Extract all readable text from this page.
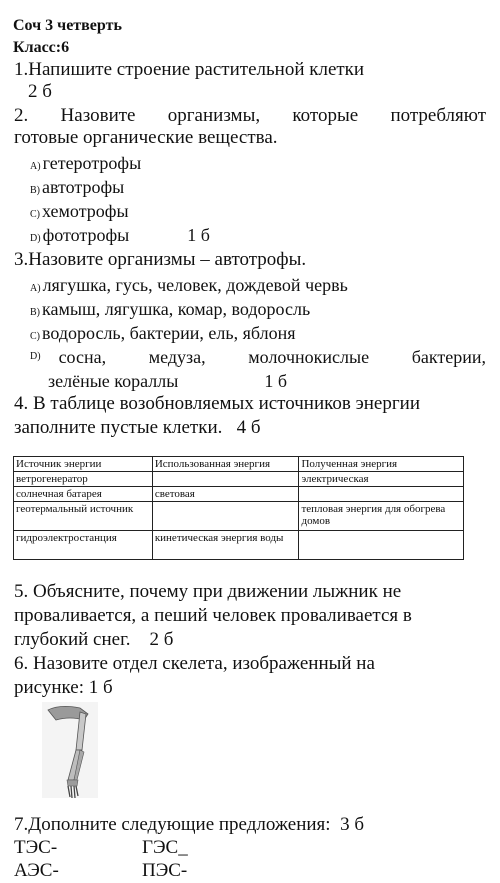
Соч 3 четверть
Класс:6
1.Напишите строение растительной клетки
2 б
2. Назовите организмы, которые потребляют
готовые органические вещества.
A) гетеротрофы
B) автотрофы
C) хемотрофы
D) фототрофы	1 б
3.Назовите организмы – автотрофы.
A) лягушка, гусь, человек, дождевой червь
B) камыш, лягушка, комар, водоросль
C) водоросль, бактерии, ель, яблоня
D) сосна, медуза, молочнокислые бактерии,
зелёные кораллы	1 б
4. В таблице возобновляемых источников энергии
заполните пустые клетки. 4 б
Источник энергии	Использованная энергия	Полученная энергия
ветрогенератор		электрическая
солнечная батарея	световая	
геотермальный источник		тепловая энергия для обогрева домов
гидроэлектростанция	кинетическая энергия воды	
5. Объясните, почему при движении лыжник не
проваливается, а пеший человек проваливается в
глубокий снег. 2 б
6. Назовите отдел скелета, изображенный на
рисунке: 1 б
7.Дополните следующие предложения: 3 б
ТЭС-	ГЭС_
АЭС-	ПЭС-
